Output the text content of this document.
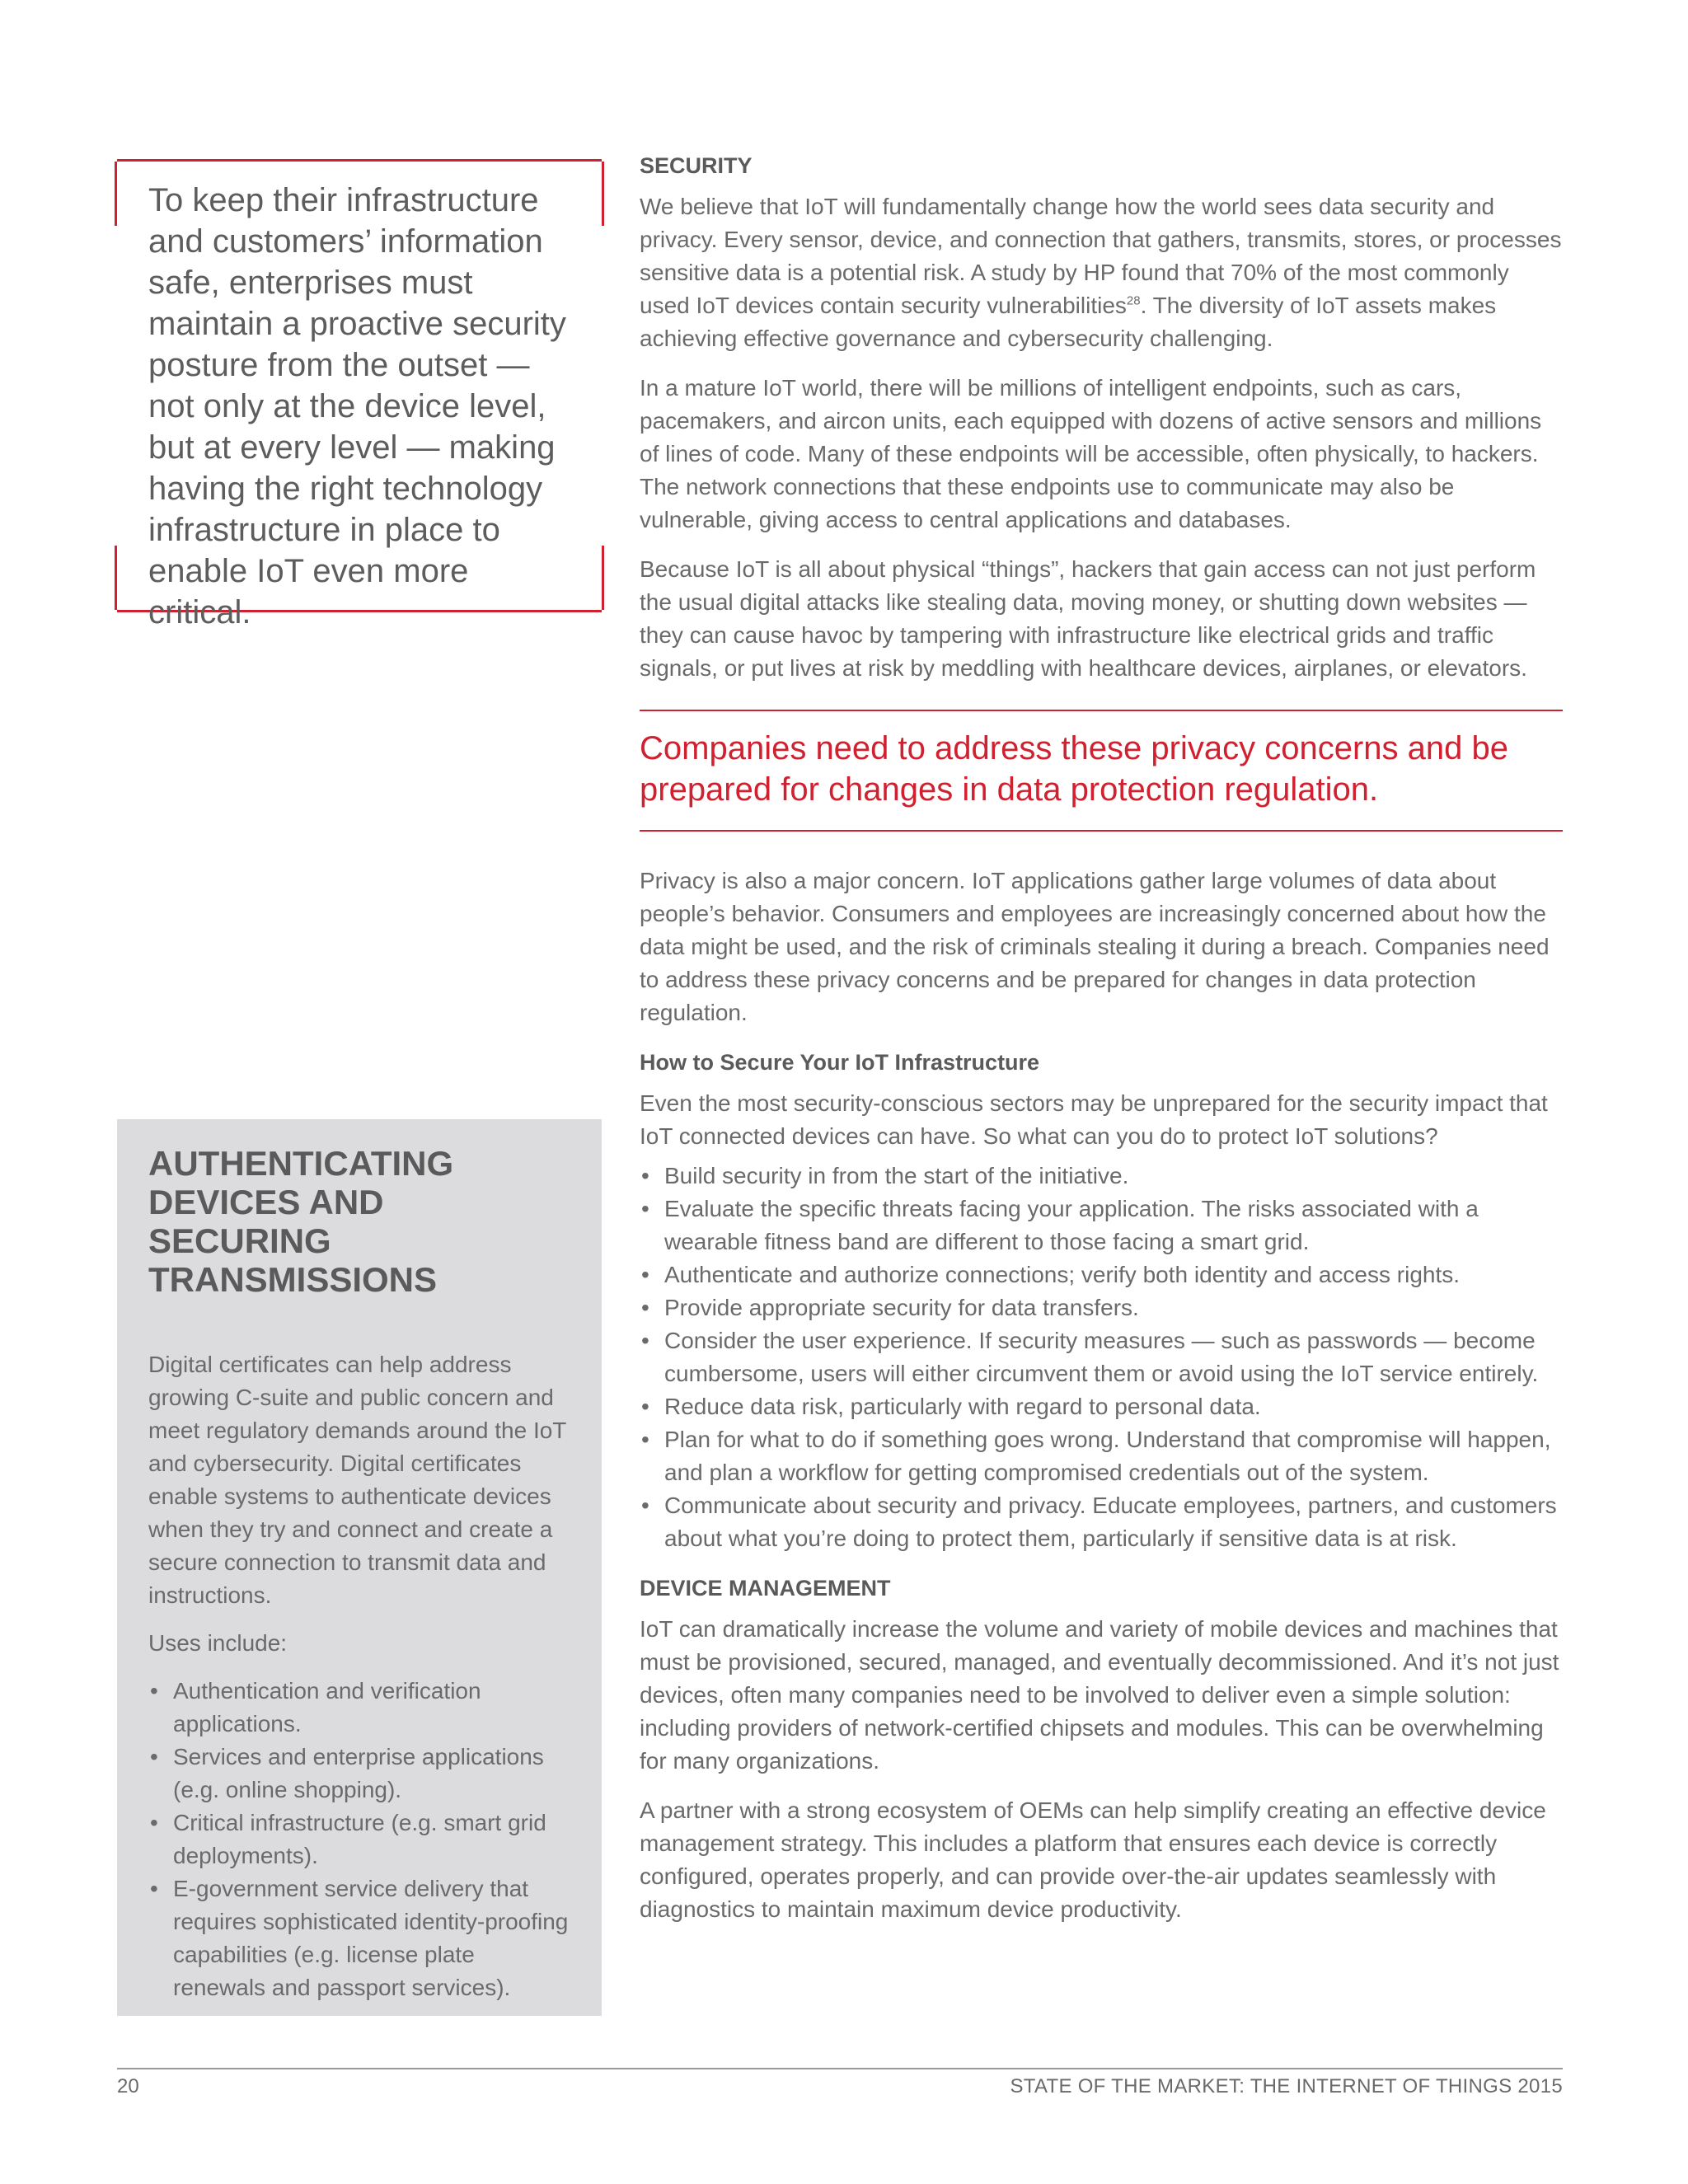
To keep their infrastructure and customers’ information safe, enterprises must maintain a proactive security posture from the outset — not only at the device level, but at every level — making having the right technology infrastructure in place to enable IoT even more critical.
AUTHENTICATING DEVICES AND SECURING TRANSMISSIONS

Digital certificates can help address growing C-suite and public concern and meet regulatory demands around the IoT and cybersecurity. Digital certificates enable systems to authenticate devices when they try and connect and create a secure connection to transmit data and instructions.

Uses include:

• Authentication and verification applications.
• Services and enterprise applications (e.g. online shopping).
• Critical infrastructure (e.g. smart grid deployments).
• E-government service delivery that requires sophisticated identity-proofing capabilities (e.g. license plate renewals and passport services).
SECURITY

We believe that IoT will fundamentally change how the world sees data security and privacy. Every sensor, device, and connection that gathers, transmits, stores, or processes sensitive data is a potential risk. A study by HP found that 70% of the most commonly used IoT devices contain security vulnerabilities$^{28}$. The diversity of IoT assets makes achieving effective governance and cybersecurity challenging.

In a mature IoT world, there will be millions of intelligent endpoints, such as cars, pacemakers, and aircon units, each equipped with dozens of active sensors and millions of lines of code. Many of these endpoints will be accessible, often physically, to hackers. The network connections that these endpoints use to communicate may also be vulnerable, giving access to central applications and databases.

Because IoT is all about physical “things”, hackers that gain access can not just perform the usual digital attacks like stealing data, moving money, or shutting down websites — they can cause havoc by tampering with infrastructure like electrical grids and traffic signals, or put lives at risk by meddling with healthcare devices, airplanes, or elevators.

Companies need to address these privacy concerns and be prepared for changes in data protection regulation.

Privacy is also a major concern. IoT applications gather large volumes of data about people’s behavior. Consumers and employees are increasingly concerned about how the data might be used, and the risk of criminals stealing it during a breach. Companies need to address these privacy concerns and be prepared for changes in data protection regulation.

How to Secure Your IoT Infrastructure

Even the most security-conscious sectors may be unprepared for the security impact that IoT connected devices can have. So what can you do to protect IoT solutions?

• Build security in from the start of the initiative.
• Evaluate the specific threats facing your application. The risks associated with a wearable fitness band are different to those facing a smart grid.
• Authenticate and authorize connections; verify both identity and access rights.
• Provide appropriate security for data transfers.
• Consider the user experience. If security measures — such as passwords — become cumbersome, users will either circumvent them or avoid using the IoT service entirely.
• Reduce data risk, particularly with regard to personal data.
• Plan for what to do if something goes wrong. Understand that compromise will happen, and plan a workflow for getting compromised credentials out of the system.
• Communicate about security and privacy. Educate employees, partners, and customers about what you’re doing to protect them, particularly if sensitive data is at risk.
DEVICE MANAGEMENT

IoT can dramatically increase the volume and variety of mobile devices and machines that must be provisioned, secured, managed, and eventually decommissioned. And it’s not just devices, often many companies need to be involved to deliver even a simple solution: including providers of network-certified chipsets and modules. This can be overwhelming for many organizations.

A partner with a strong ecosystem of OEMs can help simplify creating an effective device management strategy. This includes a platform that ensures each device is correctly configured, operates properly, and can provide over-the-air updates seamlessly with diagnostics to maintain maximum device productivity.

20	STATE OF THE MARKET: THE INTERNET OF THINGS 2015
